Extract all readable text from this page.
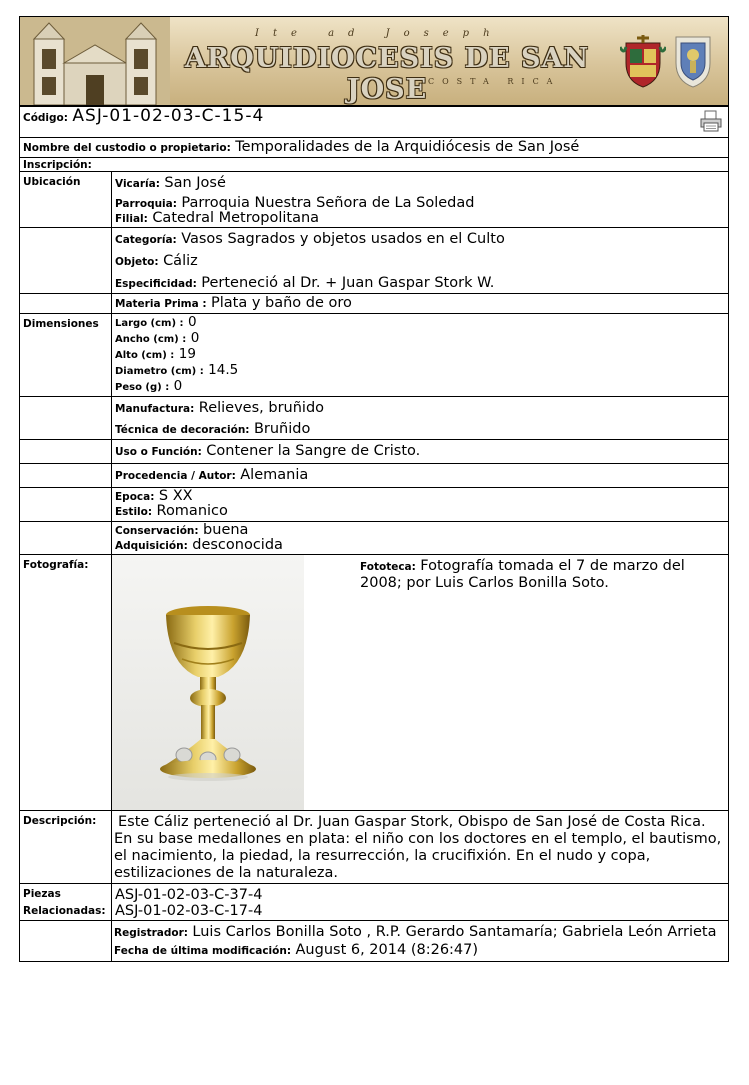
Ite ad Joseph
ARQUIDIOCESIS DE SAN JOSE COSTA RICA
Código: ASJ-01-02-03-C-15-4	

Nombre del custodio o propietario: Temporalidades de la Arquidiócesis de San José	
Inscripción:	
Ubicación	Vicaría: San José
Parroquia: Parroquia Nuestra Señora de La Soledad
Filial: Catedral Metropolitana

	Categoría: Vasos Sagrados y objetos usados en el Culto
Objeto: Cáliz
Especificidad: Perteneció al Dr. + Juan Gaspar Stork W.

	Materia Prima : Plata y baño de oro
Dimensiones	Largo (cm) : 0
Ancho (cm) : 0
Alto (cm) : 19
Diametro (cm) : 14.5
Peso (g) : 0

	Manufactura: Relieves, bruñido
Técnica de decoración: Bruñido

	Uso o Función: Contener la Sangre de Cristo.
	Procedencia / Autor: Alemania

	Epoca: S XX
Estilo: Romanico

	Conservación: buena
Adquisición: desconocida

Fotografía:	Fototeca: Fotografía tomada el 7 de marzo del 2008; por Luis Carlos Bonilla Soto.

Descripción:	Este Cáliz perteneció al Dr. Juan Gaspar Stork, Obispo de San José de Costa Rica. En su base medallones en plata: el niño con los doctores en el templo, el bautismo, el nacimiento, la piedad, la resurrección, la crucifixión. En el nudo y copa, estilizaciones de la naturaleza.

Piezas Relacionadas:	ASJ-01-02-03-C-37-4
ASJ-01-02-03-C-17-4

	Registrador: Luis Carlos Bonilla Soto , R.P. Gerardo Santamaría; Gabriela León Arrieta
Fecha de última modificación: August 6, 2014 (8:26:47)
